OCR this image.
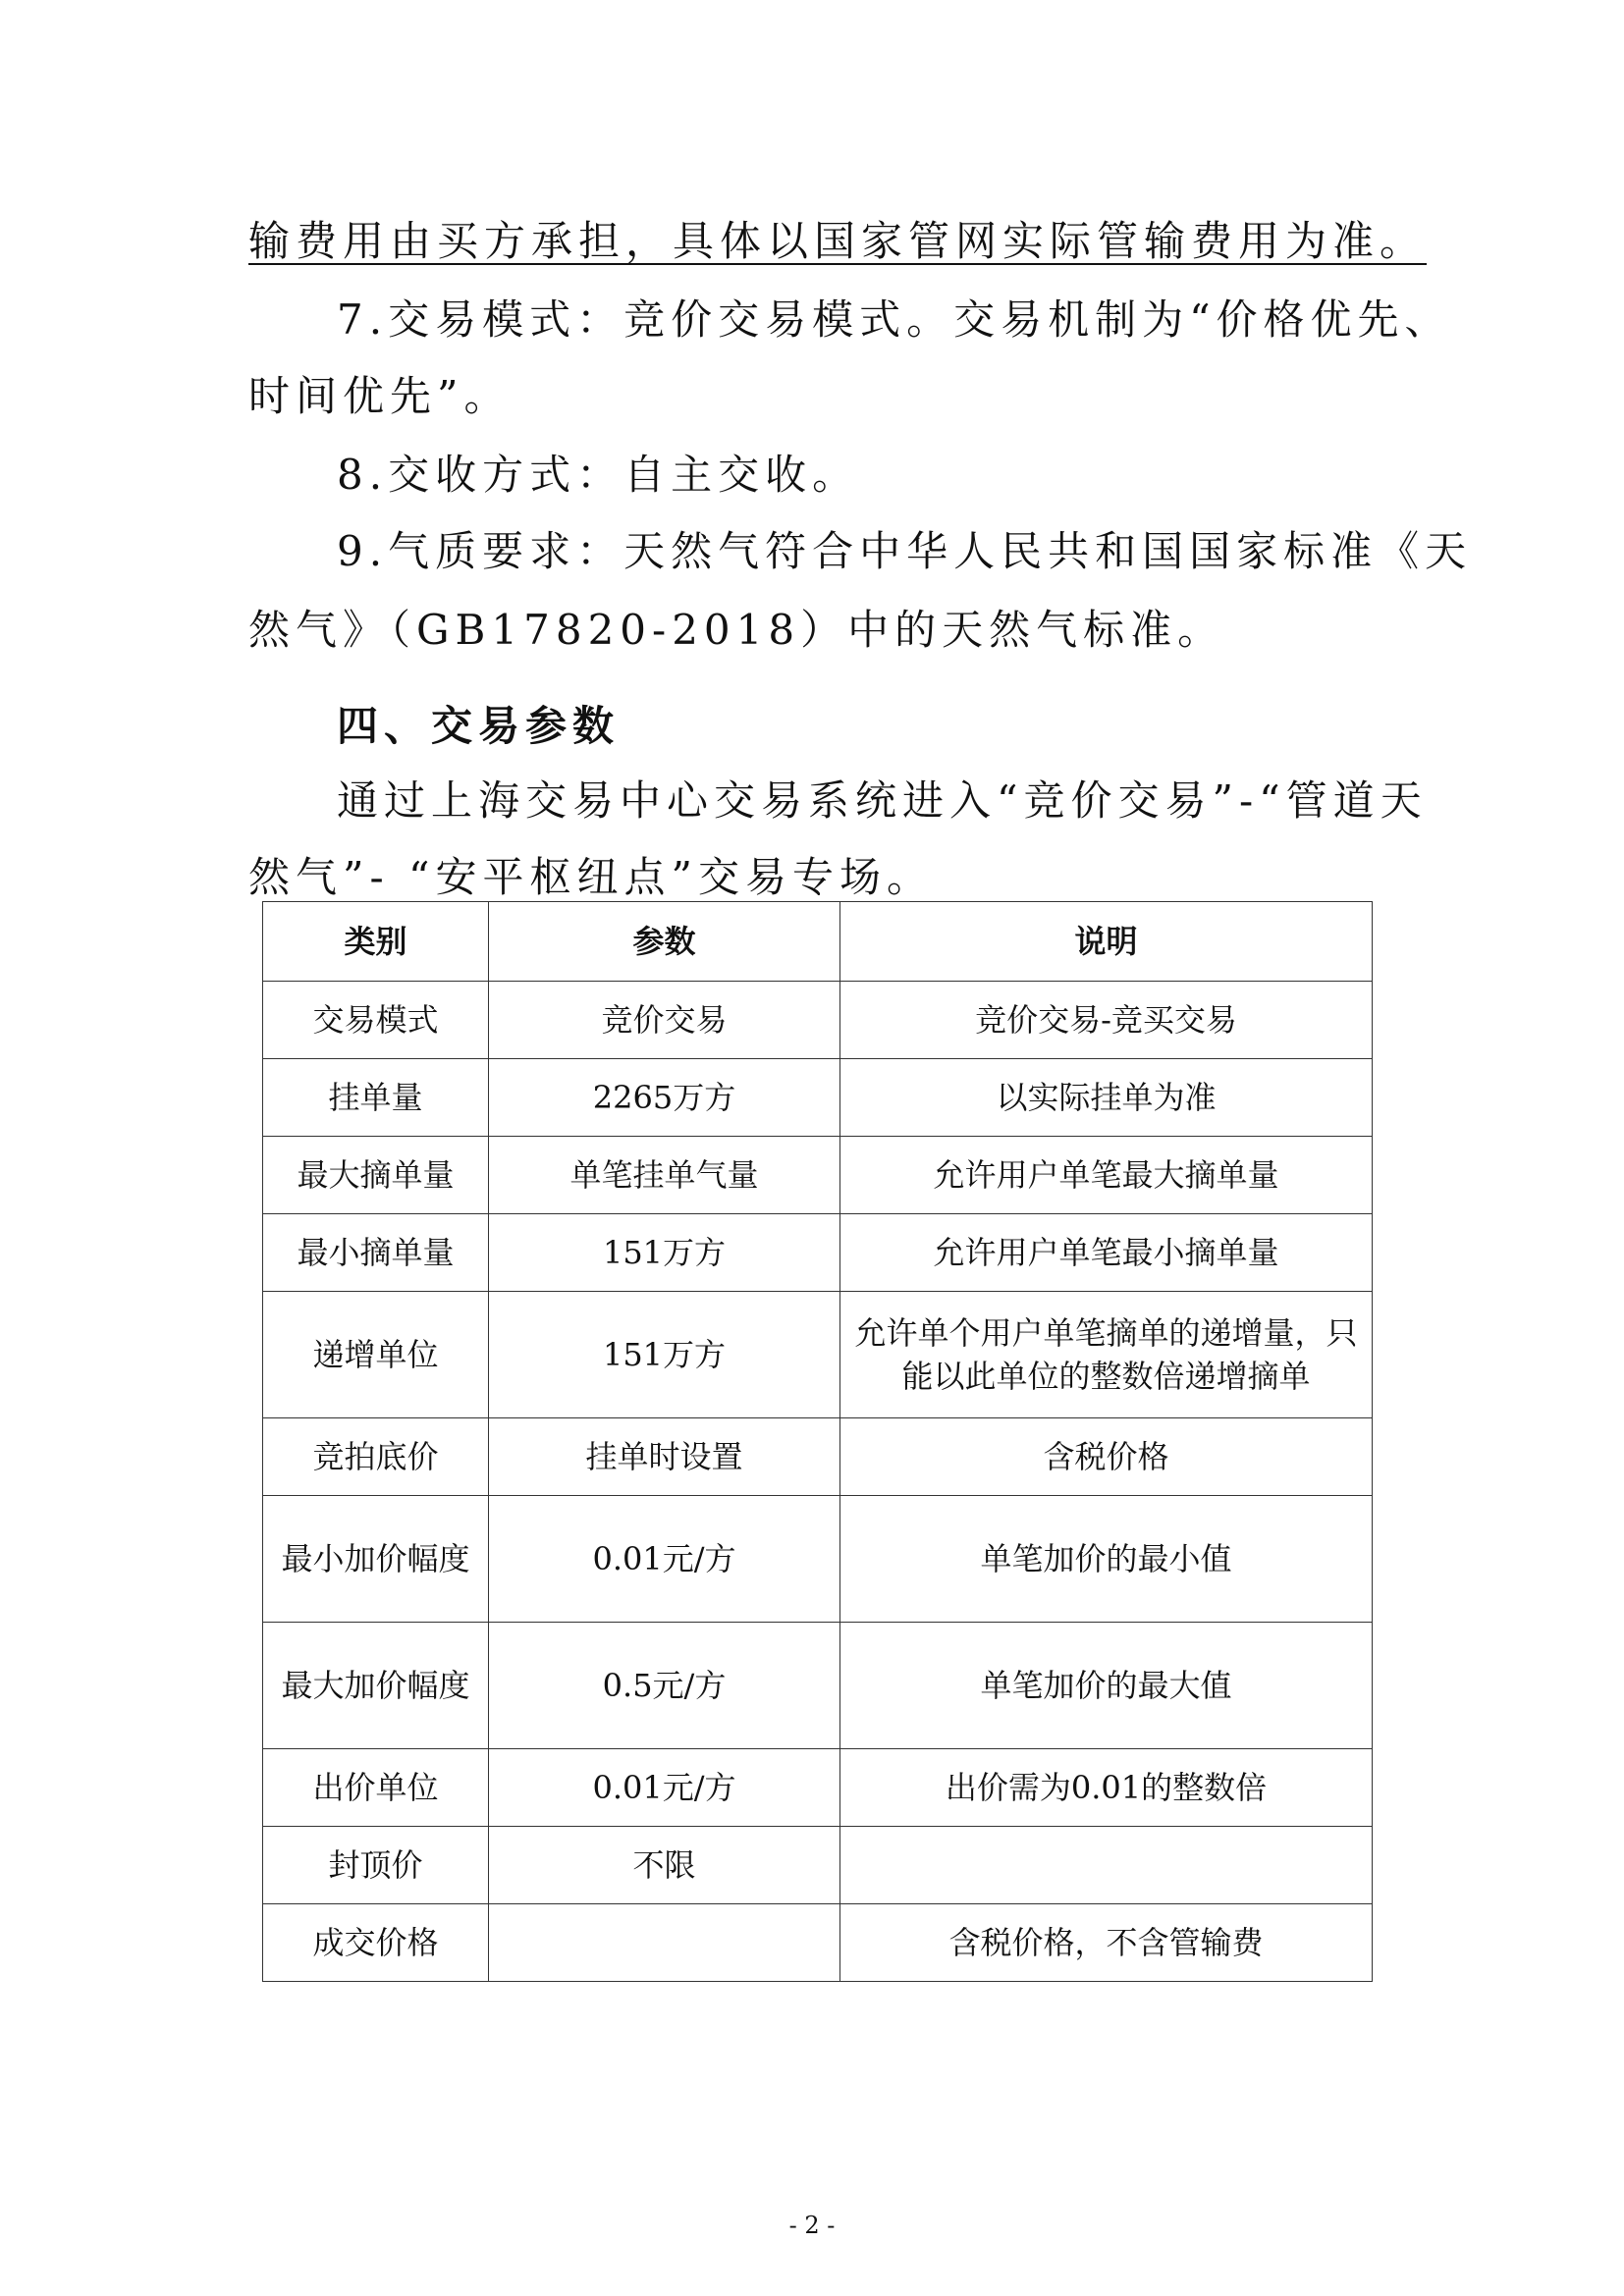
输费用由买方承担，具体以国家管网实际管输费用为准。
7.交易模式：竞价交易模式。交易机制为“价格优先、
时间优先”。
8.交收方式：自主交收。
9.气质要求：天然气符合中华人民共和国国家标准《天
然气》（GB17820-2018）中的天然气标准。
四、交易参数
通过上海交易中心交易系统进入“竞价交易”-“管道天
然气”- “安平枢纽点”交易专场。
类别	参数	说明
交易模式	竞价交易	竞价交易-竞买交易
挂单量	2265万方	以实际挂单为准
最大摘单量	单笔挂单气量	允许用户单笔最大摘单量
最小摘单量	151万方	允许用户单笔最小摘单量
递增单位	151万方	允许单个用户单笔摘单的递增量，只能以此单位的整数倍递增摘单
竞拍底价	挂单时设置	含税价格
最小加价幅度	0.01元/方	单笔加价的最小值
最大加价幅度	0.5元/方	单笔加价的最大值
出价单位	0.01元/方	出价需为0.01的整数倍
封顶价	不限	
成交价格		含税价格，不含管输费
- 2 -
